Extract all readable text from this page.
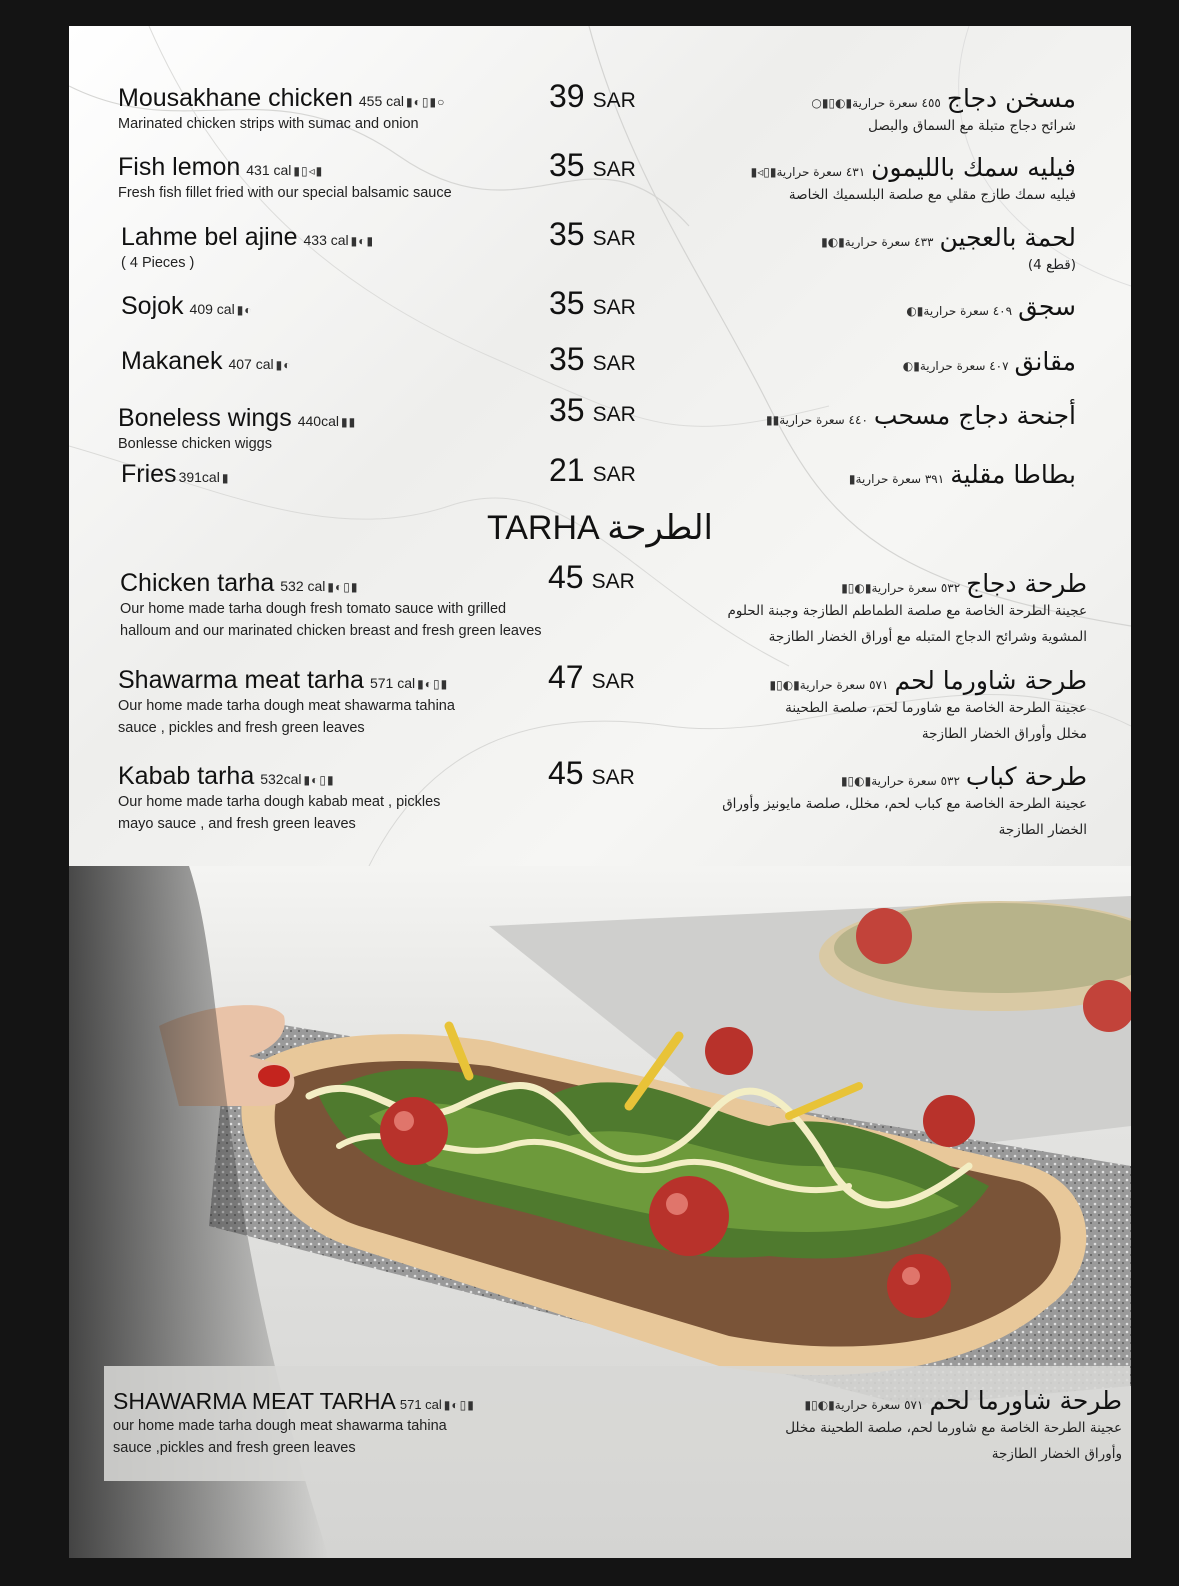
Mousakhane chicken 455 cal ▮◐▯▮○
Marinated chicken strips with sumac and onion
39 SAR	مسخن دجاج٤٥٥ سعرة حرارية▮◐▯▮○
شرائح دجاج متبلة مع السماق والبصل
Fish lemon 431 cal ▮▯◃▮
Fresh fish fillet fried with our special balsamic sauce
35 SAR	فيليه سمك بالليمون٤٣١ سعرة حرارية▮▯◃▮
فيليه سمك طازج مقلي مع صلصة البلسميك الخاصة
Lahme bel ajine 433 cal ▮◐▮
( 4 Pieces )
35 SAR	لحمة بالعجين٤٣٣ سعرة حرارية▮◐▮
(قطع 4)
Sojok 409 cal ▮◐	35 SAR	سجق٤٠٩ سعرة حرارية▮◐
Makanek 407 cal ▮◐	35 SAR	مقانق٤٠٧ سعرة حرارية▮◐
Boneless wings 440cal ▮▮
Bonlesse chicken wiggs
35 SAR	أجنحة دجاج مسحب٤٤٠ سعرة حرارية▮▮
Fries 391cal ▮	21 SAR	بطاطا مقلية٣٩١ سعرة حرارية▮
TARHA الطرحة
Chicken tarha 532 cal ▮◐▯▮
Our home made tarha dough fresh tomato sauce with grilled
halloum and our marinated chicken breast and fresh green leaves
45 SAR	طرحة دجاج٥٣٢ سعرة حرارية▮◐▯▮
عجينة الطرحة الخاصة مع صلصة الطماطم الطازجة وجبنة الحلوم
المشوية وشرائح الدجاج المتبله مع أوراق الخضار الطازجة
Shawarma meat tarha 571 cal ▮◐▯▮
Our home made tarha dough meat shawarma tahina
sauce , pickles and fresh green leaves
47 SAR	طرحة شاورما لحم٥٧١ سعرة حرارية▮◐▯▮
عجينة الطرحة الخاصة مع شاورما لحم، صلصة الطحينة
مخلل وأوراق الخضار الطازجة
Kabab tarha 532cal ▮◐▯▮
Our home made tarha dough kabab meat , pickles
mayo sauce , and fresh green leaves
45 SAR	طرحة كباب٥٣٢ سعرة حرارية▮◐▯▮
عجينة الطرحة الخاصة مع كباب لحم، مخلل، صلصة مايونيز وأوراق
الخضار الطازجة
SHAWARMA MEAT TARHA 571 cal ▮◐▯▮
our home made tarha dough meat shawarma tahina
sauce ,pickles and fresh green leaves
طرحة شاورما لحم٥٧١ سعرة حرارية▮◐▯▮
عجينة الطرحة الخاصة مع شاورما لحم، صلصة الطحينة مخلل
وأوراق الخضار الطازجة
